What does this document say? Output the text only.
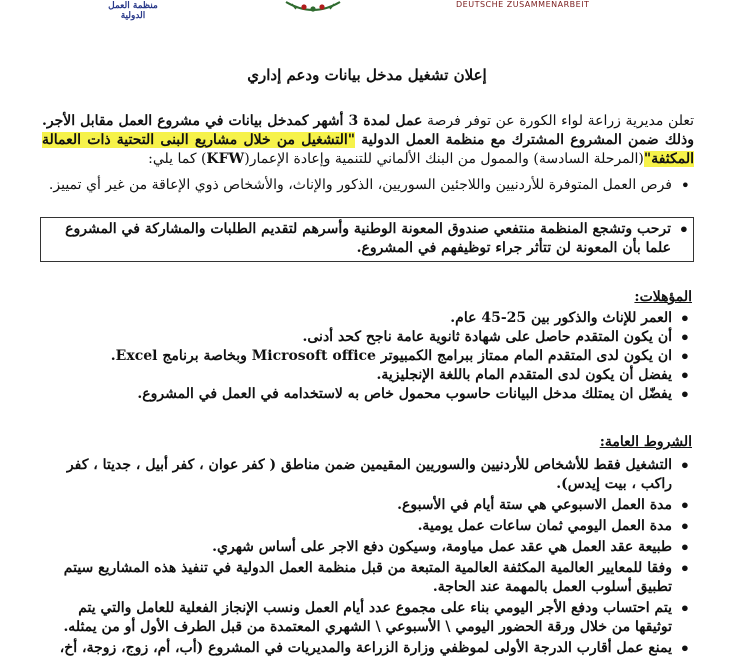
منظمة العمل الدولية
DEUTSCHE ZUSAMMENARBEIT
إعلان تشغيل مدخل بيانات ودعم إداري
تعلن مديرية زراعة لواء الكورة عن توفر فرصة عمل لمدة 3 أشهر كمدخل بيانات في مشروع العمل مقابل الأجر. وذلك ضمن المشروع المشترك مع منظمة العمل الدولية "التشغيل من خلال مشاريع البنى التحتية ذات العمالة المكثفة"(المرحلة السادسة) والممول من البنك الألماني للتنمية وإعادة الإعمار(KFW) كما يلي:
• فرص العمل المتوفرة للأردنيين واللاجئين السوريين، الذكور والإناث، والأشخاص ذوي الإعاقة من غير أي تمييز.
• ترحب وتشجع المنظمة منتفعي صندوق المعونة الوطنية وأسرهم لتقديم الطلبات والمشاركة في المشروع علما بأن المعونة لن تتأثر جراء توظيفهم في المشروع.
المؤهلات:
• العمر للإناث والذكور بين 25-45 عام.
• أن يكون المتقدم حاصل على شهادة ثانوية عامة ناجح كحد أدنى.
• ان يكون لدى المتقدم المام ممتاز ببرامج الكمبيوتر Microsoft office وبخاصة برنامج Excel.
• يفضل أن يكون لدى المتقدم المام باللغة الإنجليزية.
• يفضّل ان يمتلك مدخل البيانات حاسوب محمول خاص به لاستخدامه في العمل في المشروع.
الشروط العامة:
• التشغيل فقط للأشخاص للأردنيين والسوريين المقيمين ضمن مناطق ( كفر عوان ، كفر أبيل ، جديتا ، كفر راكب ، بيت إيدس).
• مدة العمل الاسبوعي هي ستة أيام في الأسبوع.
• مدة العمل اليومي ثمان ساعات عمل يومية.
• طبيعة عقد العمل هي عقد عمل مياومة، وسيكون دفع الاجر على أساس شهري.
• وفقا للمعايير العالمية المكثفة العالمية المتبعة من قبل منظمة العمل الدولية في تنفيذ هذه المشاريع سيتم تطبيق أسلوب العمل بالمهمة عند الحاجة.
• يتم احتساب ودفع الأجر اليومي بناء على مجموع عدد أيام العمل ونسب الإنجاز الفعلية للعامل والتي يتم توثيقها من خلال ورقة الحضور اليومي \ الأسبوعي \ الشهري المعتمدة من قبل الطرف الأول أو من يمثله.
• يمنع عمل أقارب الدرجة الأولى لموظفي وزارة الزراعة والمديريات في المشروع (أب، أم، زوج، زوجة، أخ،
